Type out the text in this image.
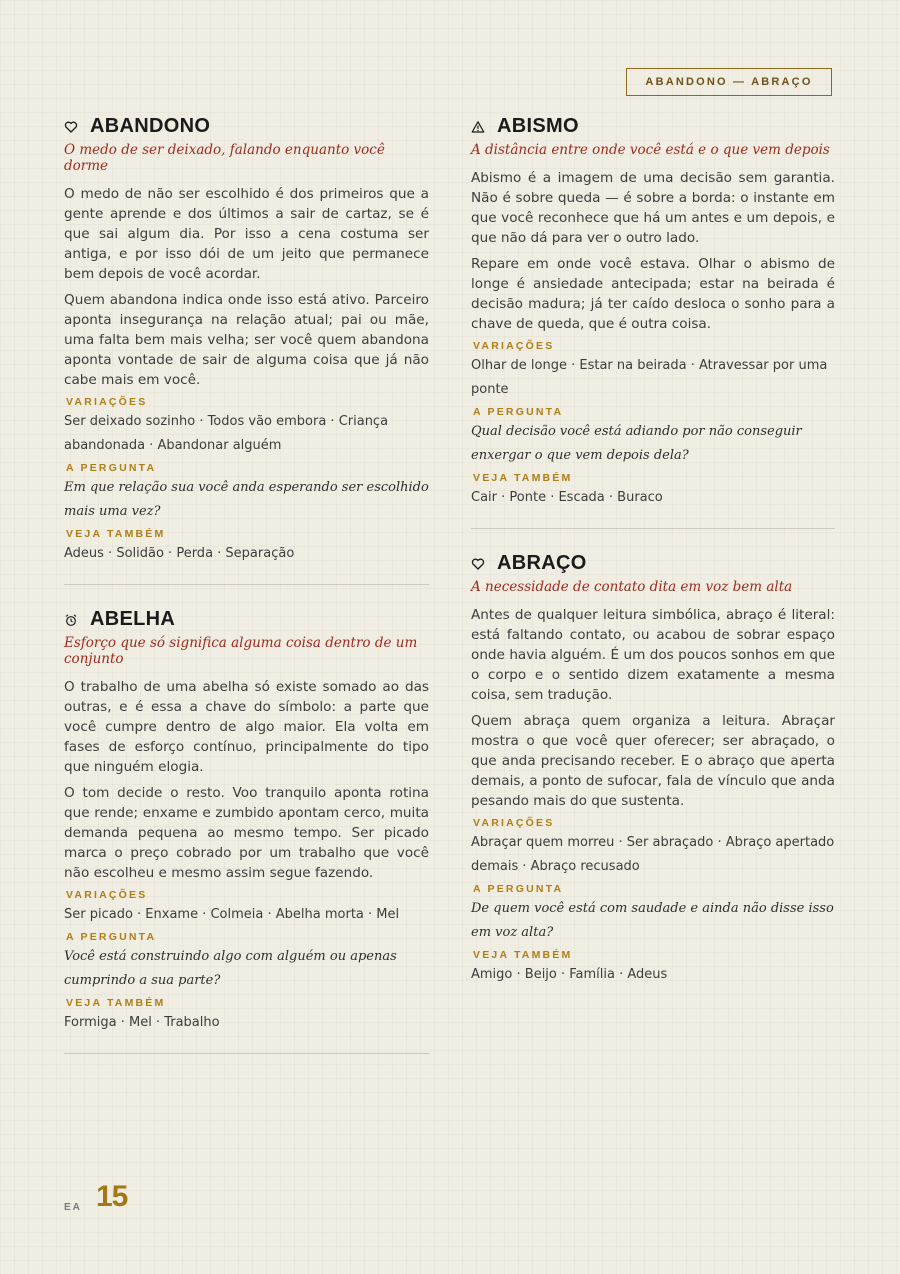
ABANDONO — ABRAÇO
ABANDONO
O medo de ser deixado, falando enquanto você dorme

O medo de não ser escolhido é dos primeiros que a gente aprende e dos últimos a sair de cartaz, se é que sai algum dia. Por isso a cena costuma ser antiga, e por isso dói de um jeito que permanece bem depois de você acordar.

Quem abandona indica onde isso está ativo. Parceiro aponta insegurança na relação atual; pai ou mãe, uma falta bem mais velha; ser você quem abandona aponta vontade de sair de alguma coisa que já não cabe mais em você.

VARIAÇÕES
Ser deixado sozinho · Todos vão embora · Criança abandonada · Abandonar alguém
A PERGUNTA
Em que relação sua você anda esperando ser escolhido mais uma vez?
VEJA TAMBÉM
Adeus · Solidão · Perda · Separação
ABELHA
Esforço que só significa alguma coisa dentro de um conjunto

O trabalho de uma abelha só existe somado ao das outras, e é essa a chave do símbolo: a parte que você cumpre dentro de algo maior. Ela volta em fases de esforço contínuo, principalmente do tipo que ninguém elogia.

O tom decide o resto. Voo tranquilo aponta rotina que rende; enxame e zumbido apontam cerco, muita demanda pequena ao mesmo tempo. Ser picado marca o preço cobrado por um trabalho que você não escolheu e mesmo assim segue fazendo.

VARIAÇÕES
Ser picado · Enxame · Colmeia · Abelha morta · Mel
A PERGUNTA
Você está construindo algo com alguém ou apenas cumprindo a sua parte?
VEJA TAMBÉM
Formiga · Mel · Trabalho
ABISMO
A distância entre onde você está e o que vem depois

Abismo é a imagem de uma decisão sem garantia. Não é sobre queda — é sobre a borda: o instante em que você reconhece que há um antes e um depois, e que não dá para ver o outro lado.

Repare em onde você estava. Olhar o abismo de longe é ansiedade antecipada; estar na beirada é decisão madura; já ter caído desloca o sonho para a chave de queda, que é outra coisa.

VARIAÇÕES
Olhar de longe · Estar na beirada · Atravessar por uma ponte
A PERGUNTA
Qual decisão você está adiando por não conseguir enxergar o que vem depois dela?
VEJA TAMBÉM
Cair · Ponte · Escada · Buraco
ABRAÇO
A necessidade de contato dita em voz bem alta

Antes de qualquer leitura simbólica, abraço é literal: está faltando contato, ou acabou de sobrar espaço onde havia alguém. É um dos poucos sonhos em que o corpo e o sentido dizem exatamente a mesma coisa, sem tradução.

Quem abraça quem organiza a leitura. Abraçar mostra o que você quer oferecer; ser abraçado, o que anda precisando receber. E o abraço que aperta demais, a ponto de sufocar, fala de vínculo que anda pesando mais do que sustenta.

VARIAÇÕES
Abraçar quem morreu · Ser abraçado · Abraço apertado demais · Abraço recusado
A PERGUNTA
De quem você está com saudade e ainda não disse isso em voz alta?
VEJA TAMBÉM
Amigo · Beijo · Família · Adeus
EA 15
